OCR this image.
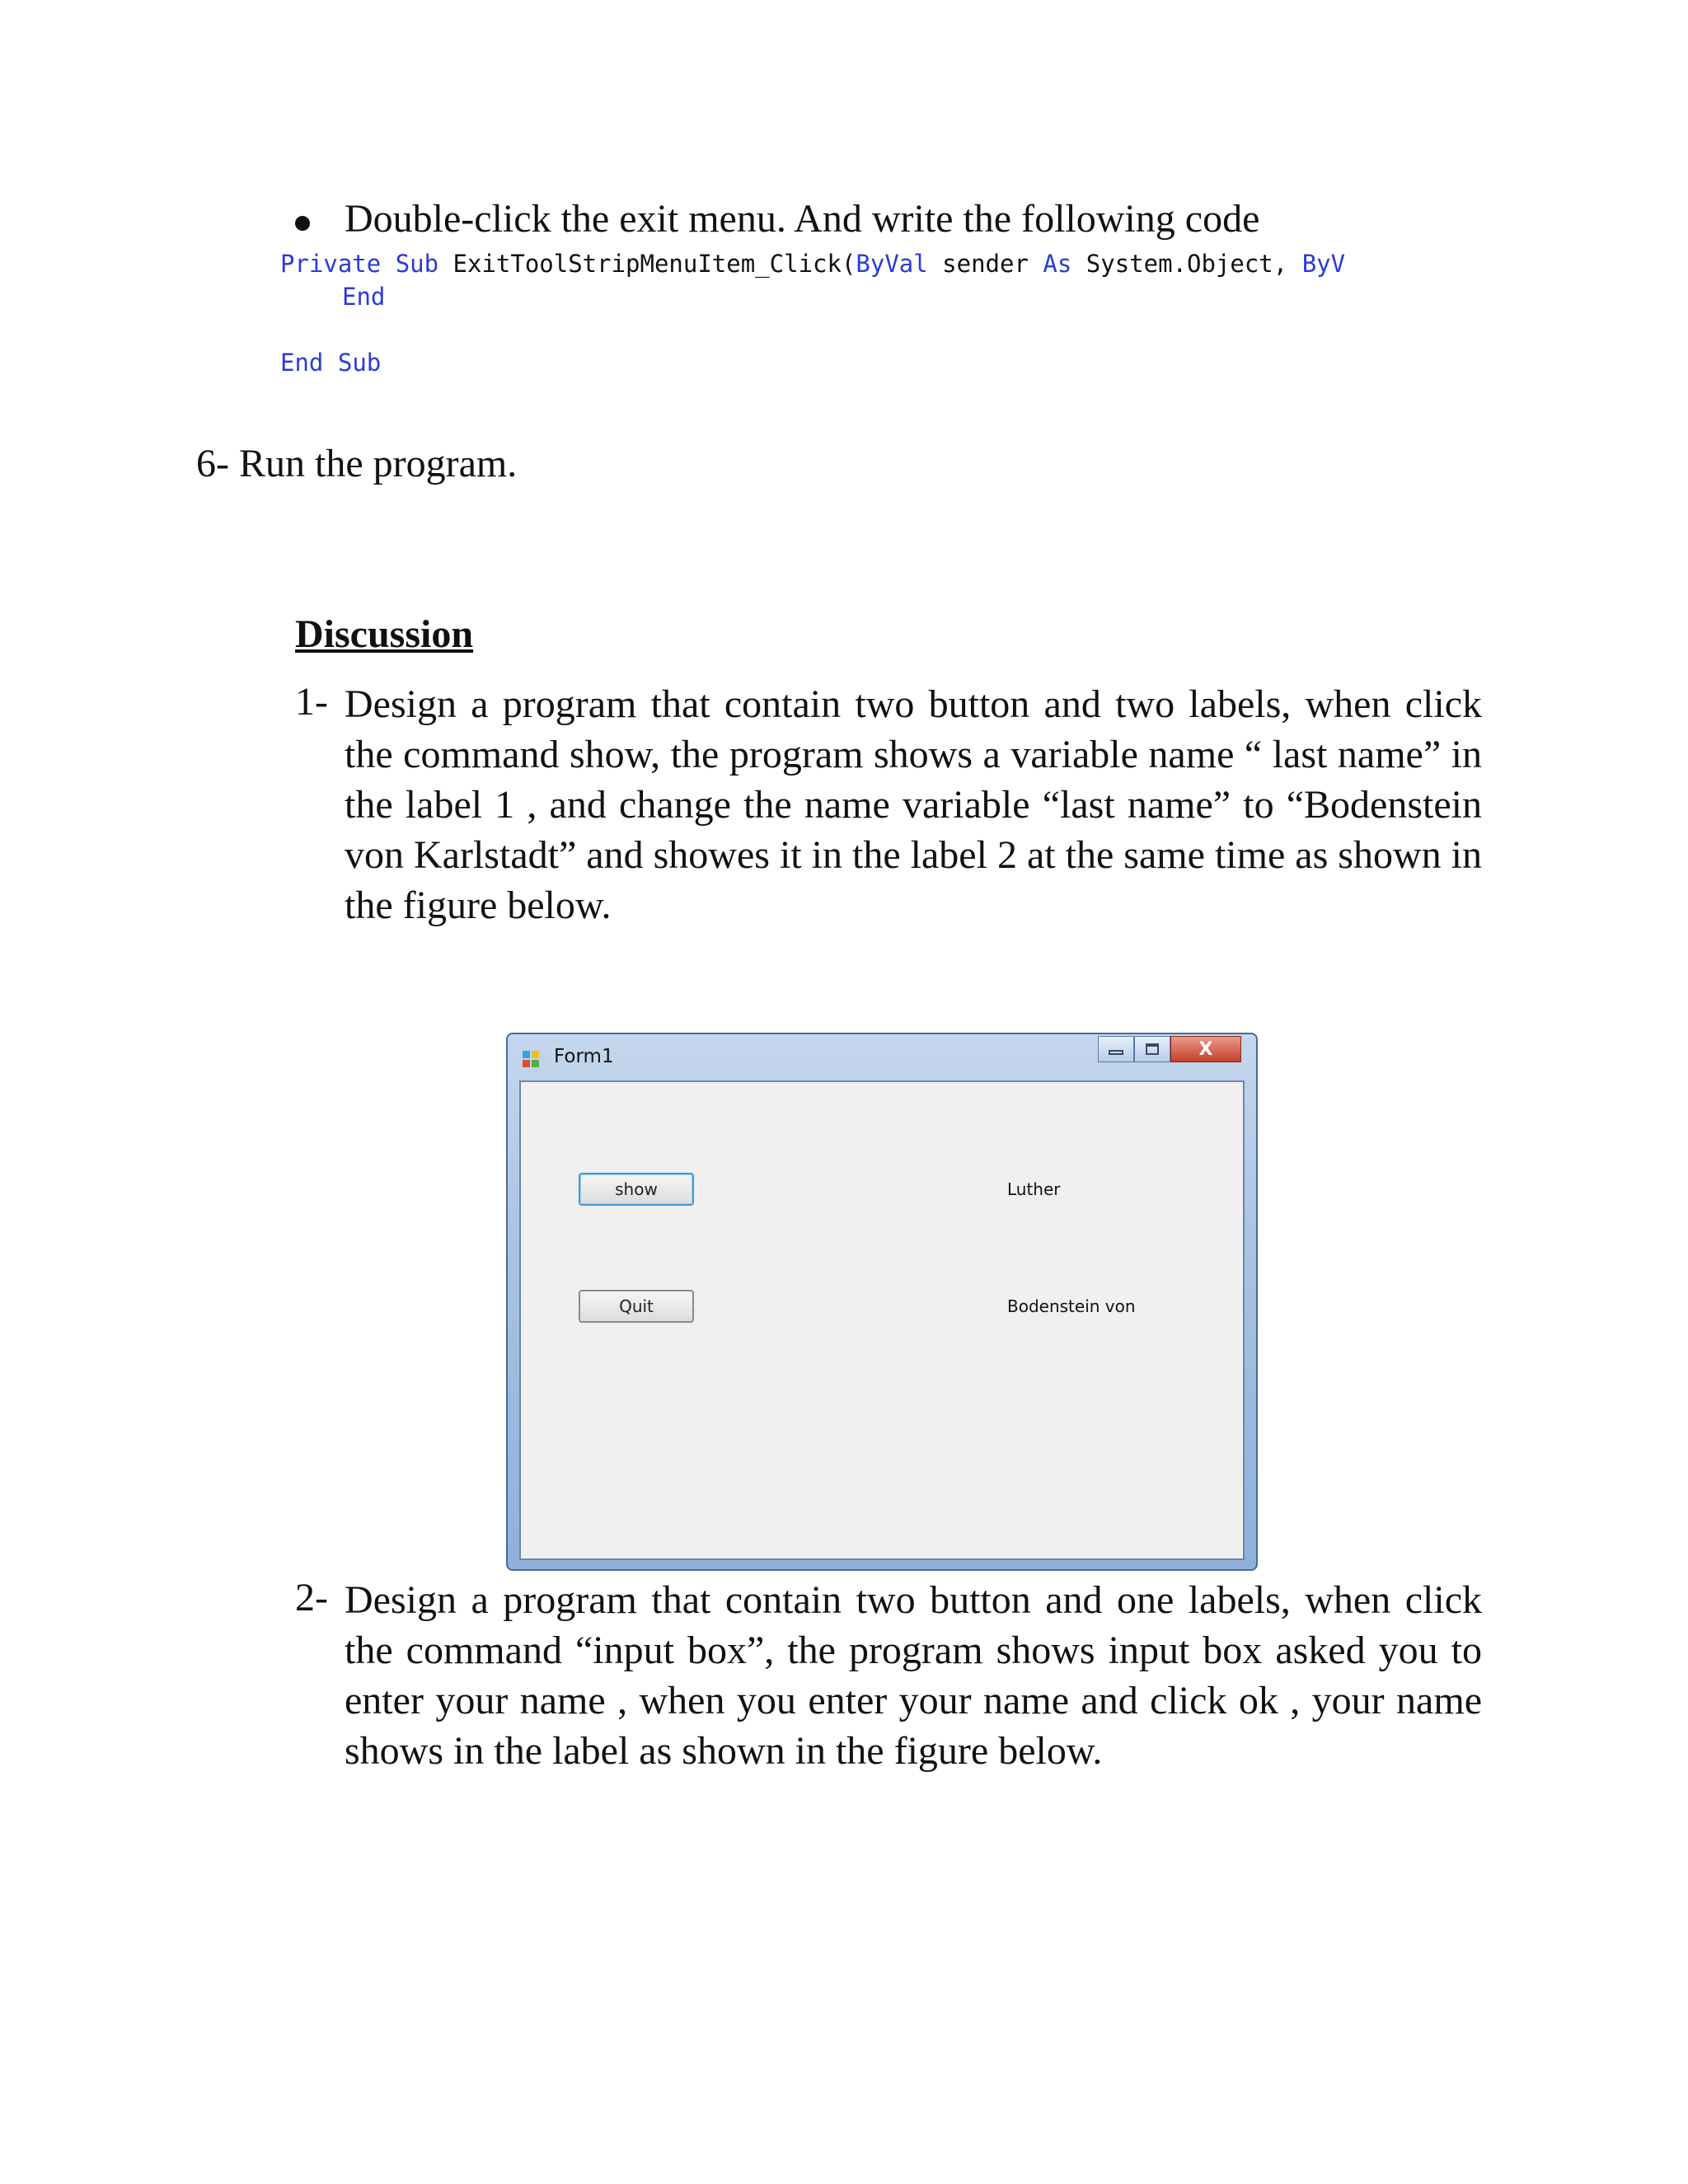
Double-click the exit menu. And write the following code
Private Sub ExitToolStripMenuItem_Click(ByVal sender As System.Object, ByV
End
End Sub
6- Run the program.
Discussion
1- Design a program that contain two button and two labels, when click the command show, the program shows a variable name “ last name” in the label 1 , and change the name variable “last name” to “Bodenstein von Karlstadt” and showes it in the label 2 at the same time as shown in the figure below.
Form1	X
show
Quit
Luther
Bodenstein von
2- Design a program that contain two button and one labels, when click the command “input box”, the program shows input box asked you to enter your name , when you enter your name and click ok , your name shows in the label as shown in the figure below.
